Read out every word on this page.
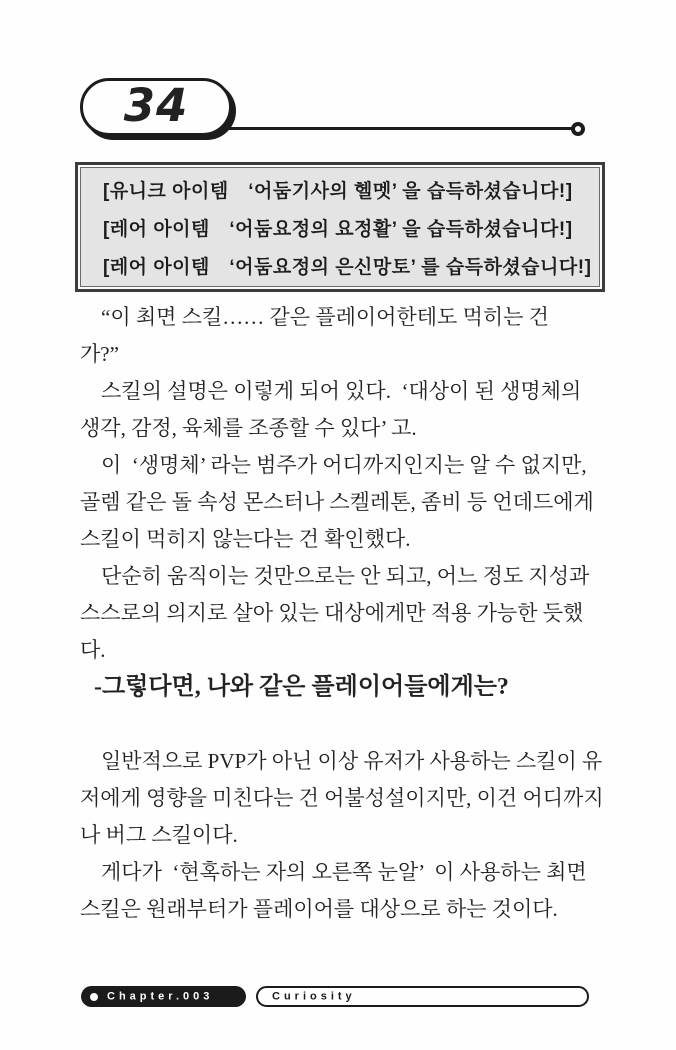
34
[유니크 아이템　‘어둠기사의 헬멧’ 을 습득하셨습니다!]
[레어 아이템　‘어둠요정의 요정활’ 을 습득하셨습니다!]
[레어 아이템　‘어둠요정의 은신망토’ 를 습득하셨습니다!]
“이 최면 스킬…… 같은 플레이어한테도 먹히는 건
가?”
스킬의 설명은 이렇게 되어 있다.  ‘대상이 된 생명체의
생각, 감정, 육체를 조종할 수 있다’ 고.
이  ‘생명체’ 라는 범주가 어디까지인지는 알 수 없지만,
골렘 같은 돌 속성 몬스터나 스켈레톤, 좀비 등 언데드에게
스킬이 먹히지 않는다는 건 확인했다.
단순히 움직이는 것만으로는 안 되고, 어느 정도 지성과
스스로의 의지로 살아 있는 대상에게만 적용 가능한 듯했
다.
-그렇다면, 나와 같은 플레이어들에게는?
일반적으로 PVP가 아닌 이상 유저가 사용하는 스킬이 유
저에게 영향을 미친다는 건 어불성설이지만, 이건 어디까지
나 버그 스킬이다.
게다가  ‘현혹하는 자의 오른쪽 눈알’  이 사용하는 최면
스킬은 원래부터가 플레이어를 대상으로 하는 것이다.
Chapter.003	Curiosity
